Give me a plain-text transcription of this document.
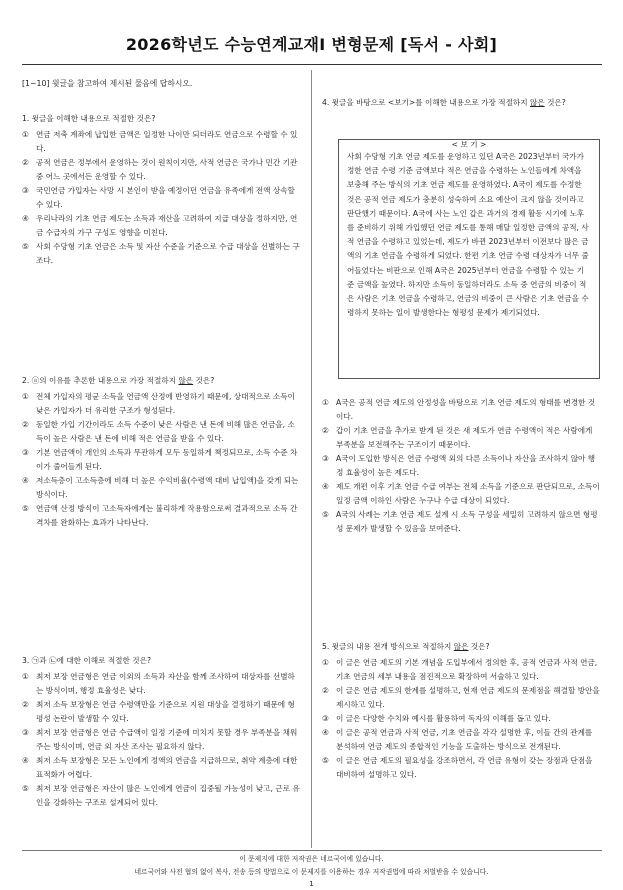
2026학년도 수능연계교재Ⅰ 변형문제 [독서 - 사회]
[1~10] 윗글을 참고하여 제시된 물음에 답하시오.
1. 윗글을 이해한 내용으로 적절한 것은?
① 연금 저축 계좌에 납입한 금액은 일정한 나이만 되더라도 연금으로 수령할 수 있다.
② 공적 연금은 정부에서 운영하는 것이 원칙이지만, 사적 연금은 국가나 민간 기관 중 어느 곳에서든 운영할 수 있다.
③ 국민연금 가입자는 사망 시 본인이 받을 예정이던 연금을 유족에게 전액 상속할 수 있다.
④ 우리나라의 기초 연금 제도는 소득과 재산을 고려하여 지급 대상을 정하지만, 연금 수급자의 가구 구성도 영향을 미친다.
⑤ 사회 수당형 기초 연금은 소득 및 자산 수준을 기준으로 수급 대상을 선별하는 구조다.
2. ⓐ의 이유를 추론한 내용으로 가장 적절하지 않은 것은?
① 전체 가입자의 평균 소득을 연금액 산정에 반영하기 때문에, 상대적으로 소득이 낮은 가입자가 더 유리한 구조가 형성된다.
② 동일한 가입 기간이라도 소득 수준이 낮은 사람은 낸 돈에 비해 많은 연금을, 소득이 높은 사람은 낸 돈에 비해 적은 연금을 받을 수 있다.
③ 기본 연금액이 개인의 소득과 무관하게 모두 동일하게 책정되므로, 소득 수준 차이가 줄어들게 된다.
④ 저소득층이 고소득층에 비해 더 높은 수익비율(수령액 대비 납입액)을 갖게 되는 방식이다.
⑤ 연금액 산정 방식이 고소득자에게는 불리하게 작용함으로써 결과적으로 소득 간 격차를 완화하는 효과가 나타난다.
3. ㉠과 ㉡에 대한 이해로 적절한 것은?
① 최저 보장 연금형은 연금 이외의 소득과 자산을 함께 조사하여 대상자를 선별하는 방식이며, 행정 효율성은 낮다.
② 최저 소득 보장형은 연금 수령액만을 기준으로 지원 대상을 결정하기 때문에 형평성 논란이 발생할 수 있다.
③ 최저 보장 연금형은 연금 수급액이 일정 기준에 미치지 못할 경우 부족분을 채워주는 방식이며, 연금 외 자산 조사는 필요하지 않다.
④ 최저 소득 보장형은 모든 노인에게 정액의 연금을 지급하므로, 취약 계층에 대한 표적화가 어렵다.
⑤ 최저 보장 연금형은 자산이 많은 노인에게 연금이 집중될 가능성이 낮고, 근로 유인을 강화하는 구조로 설계되어 있다.
4. 윗글을 바탕으로 <보기>를 이해한 내용으로 가장 적절하지 않은 것은?
< 보 기 >
사회 수당형 기초 연금 제도를 운영하고 있던 A국은 2023년부터 국가가 정한 연금 수령 기준 금액보다 적은 연금을 수령하는 노인들에게 차액을 보충해 주는 방식의 기초 연금 제도를 운영하였다. A국이 제도를 수정한 것은 공적 연금 제도가 충분히 성숙하여 소요 예산이 크지 않을 것이라고 판단했기 때문이다. A국에 사는 노인 갑은 과거의 경제 활동 시기에 노후를 준비하기 위해 가입했던 연금 제도를 통해 매달 일정한 금액의 공적, 사적 연금을 수령하고 있었는데, 제도가 바뀐 2023년부터 이전보다 많은 금액의 기초 연금을 수령하게 되었다. 한편 기초 연금 수령 대상자가 너무 줄어들었다는 비판으로 인해 A국은 2025년부터 연금을 수령할 수 있는 기준 금액을 높였다. 하지만 소득이 동일하더라도 소득 중 연금의 비중이 적은 사람은 기초 연금을 수령하고, 연금의 비중이 큰 사람은 기초 연금을 수령하지 못하는 일이 발생한다는 형평성 문제가 제기되었다.
① A국은 공적 연금 제도의 안정성을 바탕으로 기초 연금 제도의 형태를 변경한 것이다.
② 갑이 기초 연금을 추가로 받게 된 것은 새 제도가 연금 수령액이 적은 사람에게 부족분을 보전해주는 구조이기 때문이다.
③ A국이 도입한 방식은 연금 수령액 외의 다른 소득이나 자산을 조사하지 않아 행정 효율성이 높은 제도다.
④ 제도 개편 이후 기초 연금 수급 여부는 전체 소득을 기준으로 판단되므로, 소득이 일정 금액 이하인 사람은 누구나 수급 대상이 되었다.
⑤ A국의 사례는 기초 연금 제도 설계 시 소득 구성을 세밀히 고려하지 않으면 형평성 문제가 발생할 수 있음을 보여준다.
5. 윗글의 내용 전개 방식으로 적절하지 않은 것은?
① 이 글은 연금 제도의 기본 개념을 도입부에서 정의한 후, 공적 연금과 사적 연금, 기초 연금의 세부 내용을 점진적으로 확장하여 서술하고 있다.
② 이 글은 연금 제도의 한계를 설명하고, 현재 연금 제도의 문제점을 해결할 방안을 제시하고 있다.
③ 이 글은 다양한 수치와 예시를 활용하여 독자의 이해를 돕고 있다.
④ 이 글은 공적 연금과 사적 연금, 기초 연금을 각각 설명한 후, 이들 간의 관계를 분석하여 연금 제도의 종합적인 기능을 도출하는 방식으로 전개된다.
⑤ 이 글은 연금 제도의 필요성을 강조하면서, 각 연금 유형이 갖는 장점과 단점을 대비하여 설명하고 있다.
이 문제지에 대한 저작권은 네르국어에 있습니다.
네르국어와 사전 협의 없이 복사, 전송 등의 방법으로 이 문제지를 이용하는 경우 저작권법에 따라 처벌받을 수 있습니다.
1
